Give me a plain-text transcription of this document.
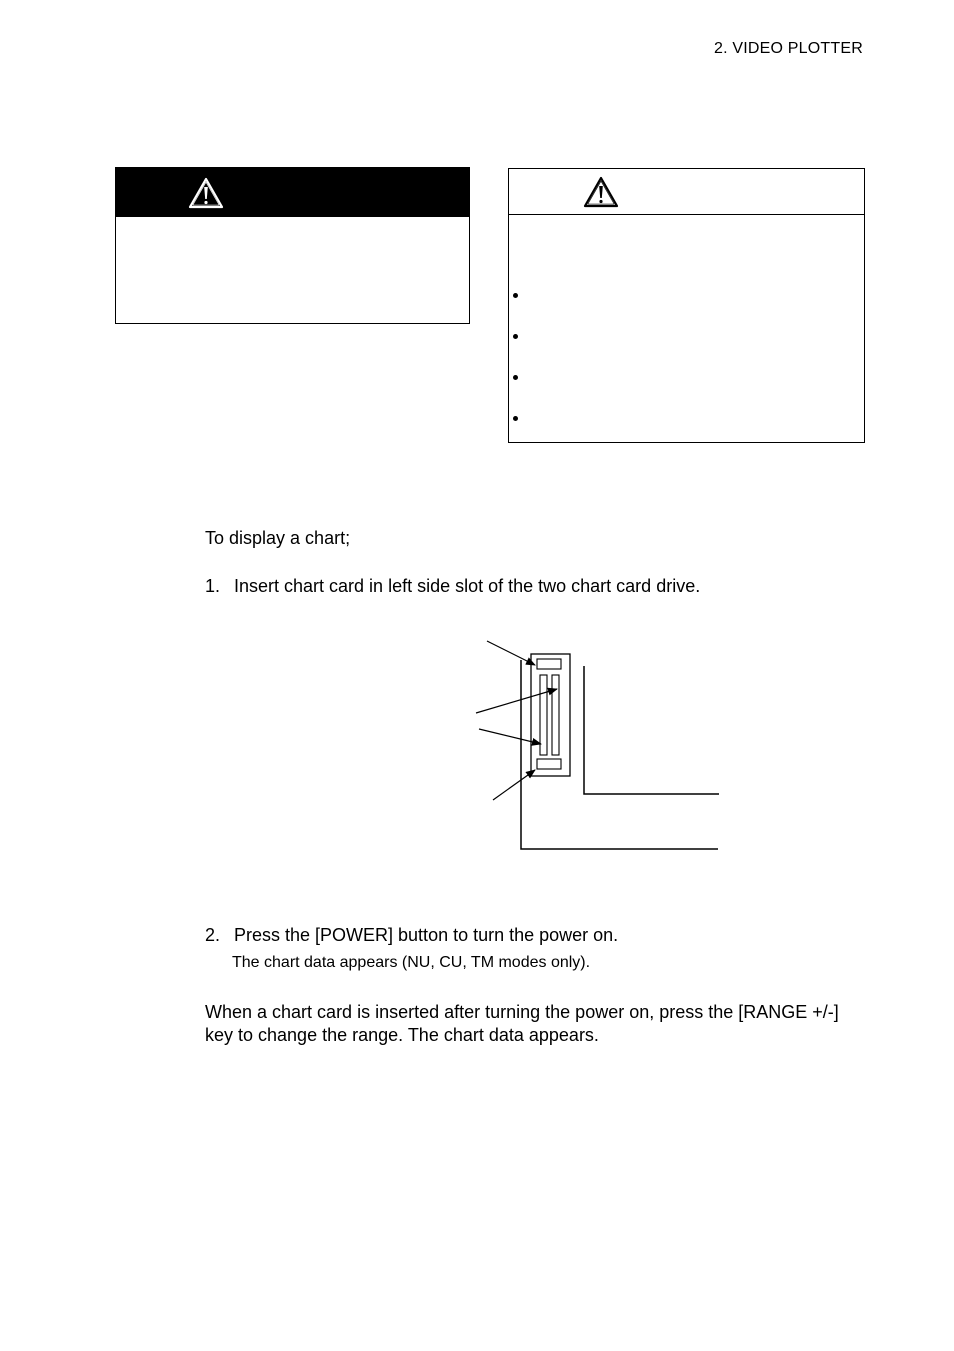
2. VIDEO PLOTTER
To display a chart;
1. Insert chart card in left side slot of the two chart card drive.
2. Press the [POWER] button to turn the power on.
The chart data appears (NU, CU, TM modes only).
When a chart card is inserted after turning the power on, press the [RANGE +/-]
key to change the range. The chart data appears.
